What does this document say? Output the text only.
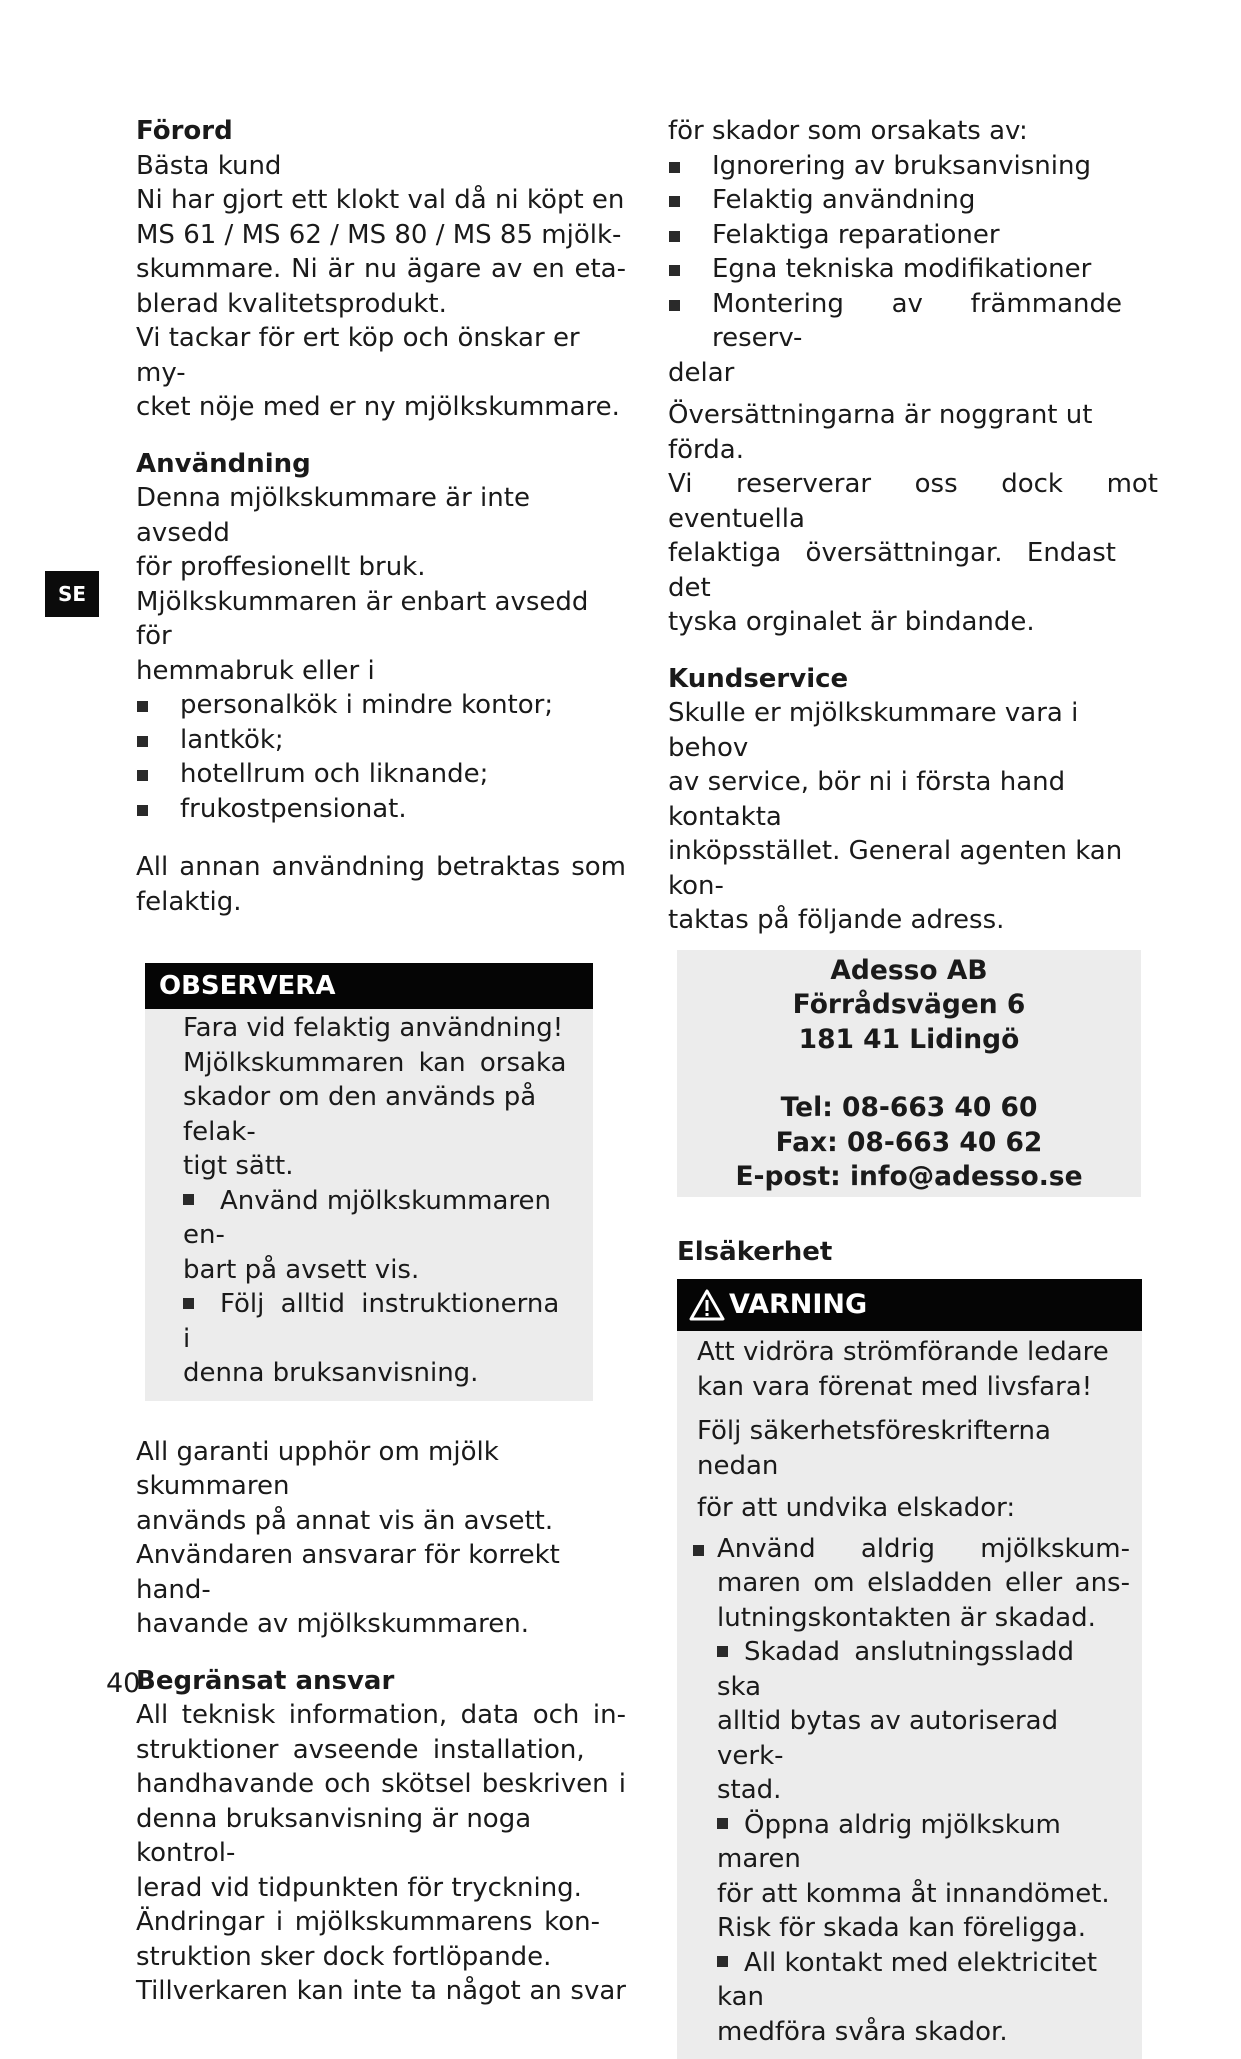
SE

Förord

Bästa kund

Ni har gjort ett klokt val då ni köpt en

MS 61 / MS 62 / MS 80 / MS 85 mjölk-

skummare. Ni är nu ägare av en eta-

blerad kvalitetsprodukt.

Vi tackar för ert köp och önskar er my-

cket nöje med er ny mjölkskummare.

Användning

Denna mjölkskummare är inte avsedd

för proffesionellt bruk.

Mjölkskummaren är enbart avsedd för

hemmabruk eller i

personalkök i mindre kontor;
lantkök;
hotellrum och liknande;
frukostpensionat.

All annan användning betraktas som

felaktig.

OBSERVERA

Fara vid felaktig användning!

Mjölkskummaren kan orsaka

skador om den används på felak-

tigt sätt.

Använd mjölkskummaren en-

bart på avsett vis.

Följ alltid instruktionerna i

denna bruksanvisning.

All garanti upphör om mjölk skummaren

används på annat vis än avsett.

Användaren ansvarar för korrekt hand-

havande av mjölkskummaren.

Begränsat ansvar

All teknisk information, data och in-

struktioner avseende installation,

handhavande och skötsel beskriven i

denna bruksanvisning är noga kontrol-

lerad vid tidpunkten för tryckning.

Ändringar i mjölkskummarens kon-

struktion sker dock fortlöpande.

Tillverkaren kan inte ta något an svar

för skador som orsakats av:

Ignorering av bruksanvisning
Felaktig användning
Felaktiga reparationer
Egna tekniska modifikationer
Montering av främmande reserv-

delar

Översättningarna är noggrant ut förda.

Vi reserverar oss dock mot eventuella

felaktiga översättningar. Endast det

tyska orginalet är bindande.

Kundservice

Skulle er mjölkskummare vara i behov

av service, bör ni i första hand kontakta

inköpsstället. General agenten kan kon-

taktas på följande adress.

Adesso AB

Förrådsvägen 6

181 41 Lidingö

Tel: 08-663 40 60

Fax: 08-663 40 62

E-post: info@adesso.se

Elsäkerhet

VARNING

Att vidröra strömförande ledare

kan vara förenat med livsfara!

Följ säkerhetsföreskrifterna nedan

för att undvika elskador:

Använd aldrig mjölkskum-
maren om elsladden eller ans-
lutningskontakten är skadad.
Skadad anslutningssladd ska
alltid bytas av autoriserad verk-
stad.
Öppna aldrig mjölkskum maren
för att komma åt innandömet.
Risk för skada kan föreligga.
All kontakt med elektricitet kan
medföra svåra skador.
40
